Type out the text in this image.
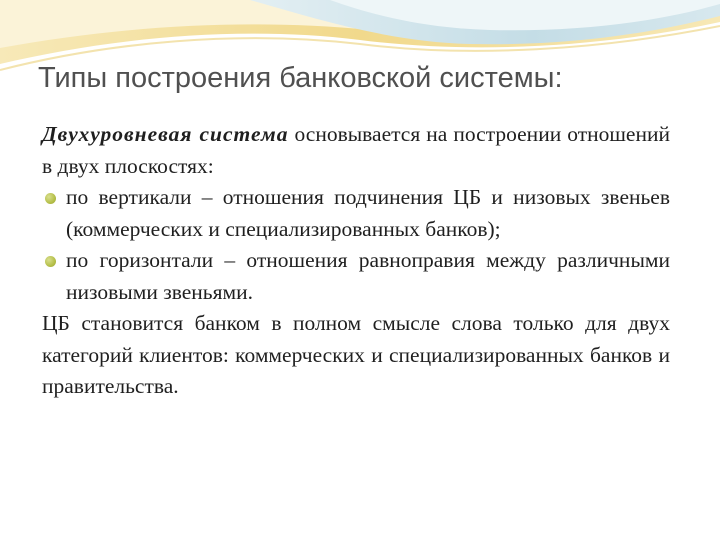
Типы построения банковской системы:

Двухуровневая система основывается на построении отношений в двух плоскостях:

по вертикали – отношения подчинения ЦБ и низовых звеньев (коммерческих и специализированных банков);
по горизонтали – отношения равноправия между различными низовыми звеньями.

ЦБ становится банком в полном смысле слова только для двух категорий клиентов: коммерческих и специализированных банков и правительства.
